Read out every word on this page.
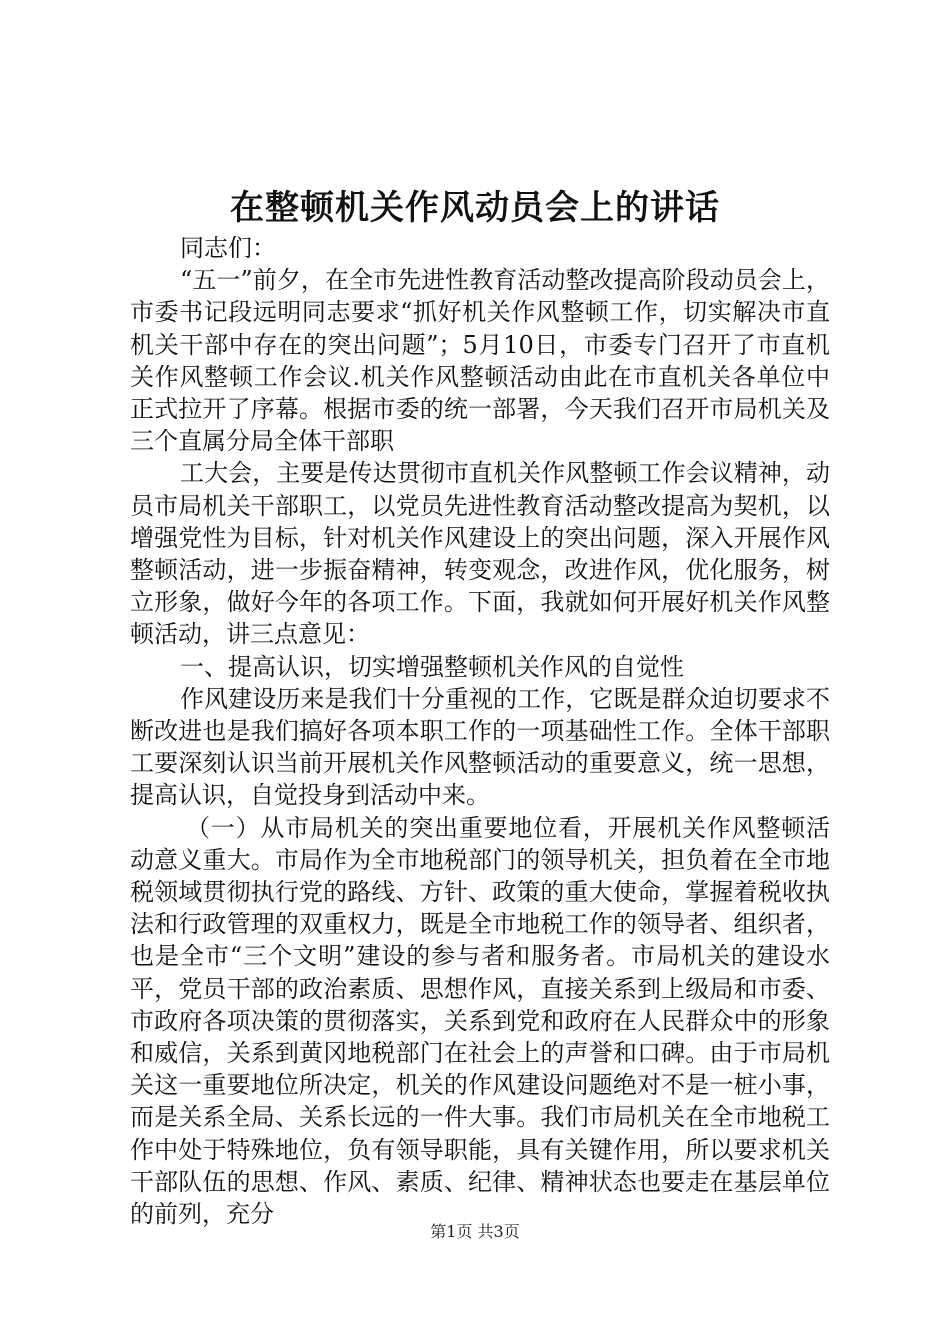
在整顿机关作风动员会上的讲话

同志们：

“五一”前夕，在全市先进性教育活动整改提高阶段动员会上，市委书记段远明同志要求“抓好机关作风整顿工作，切实解决市直机关干部中存在的突出问题”；5月10日，市委专门召开了市直机关作风整顿工作会议.机关作风整顿活动由此在市直机关各单位中正式拉开了序幕。根据市委的统一部署，今天我们召开市局机关及三个直属分局全体干部职

工大会，主要是传达贯彻市直机关作风整顿工作会议精神，动员市局机关干部职工，以党员先进性教育活动整改提高为契机，以增强党性为目标，针对机关作风建设上的突出问题，深入开展作风整顿活动，进一步振奋精神，转变观念，改进作风，优化服务，树立形象，做好今年的各项工作。下面，我就如何开展好机关作风整顿活动，讲三点意见：

一、提高认识，切实增强整顿机关作风的自觉性

作风建设历来是我们十分重视的工作，它既是群众迫切要求不断改进也是我们搞好各项本职工作的一项基础性工作。全体干部职工要深刻认识当前开展机关作风整顿活动的重要意义，统一思想，提高认识，自觉投身到活动中来。

（一）从市局机关的突出重要地位看，开展机关作风整顿活动意义重大。市局作为全市地税部门的领导机关，担负着在全市地税领域贯彻执行党的路线、方针、政策的重大使命，掌握着税收执法和行政管理的双重权力，既是全市地税工作的领导者、组织者，也是全市“三个文明”建设的参与者和服务者。市局机关的建设水平，党员干部的政治素质、思想作风，直接关系到上级局和市委、市政府各项决策的贯彻落实，关系到党和政府在人民群众中的形象和威信，关系到黄冈地税部门在社会上的声誉和口碑。由于市局机关这一重要地位所决定，机关的作风建设问题绝对不是一桩小事，而是关系全局、关系长远的一件大事。我们市局机关在全市地税工作中处于特殊地位，负有领导职能，具有关键作用，所以要求机关干部队伍的思想、作风、素质、纪律、精神状态也要走在基层单位的前列，充分

第1页 共3页
